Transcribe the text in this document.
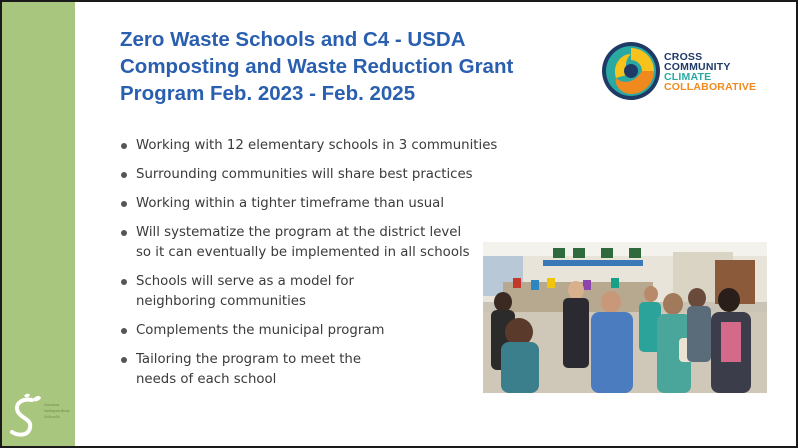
Sustain
Independent
Schools
Zero Waste Schools and C4 - USDA Composting and Waste Reduction Grant Program Feb. 2023 - Feb. 2025
CROSS
COMMUNITY
CLIMATE
COLLABORATIVE
Working with 12 elementary schools in 3 communities
Surrounding communities will share best practices
Working within a tighter timeframe than usual
Will systematize the program at the district level
so it can eventually be implemented in all schools
Schools will serve as a model for
neighboring communities
Complements the municipal program
Tailoring the program to meet the
needs of each school
